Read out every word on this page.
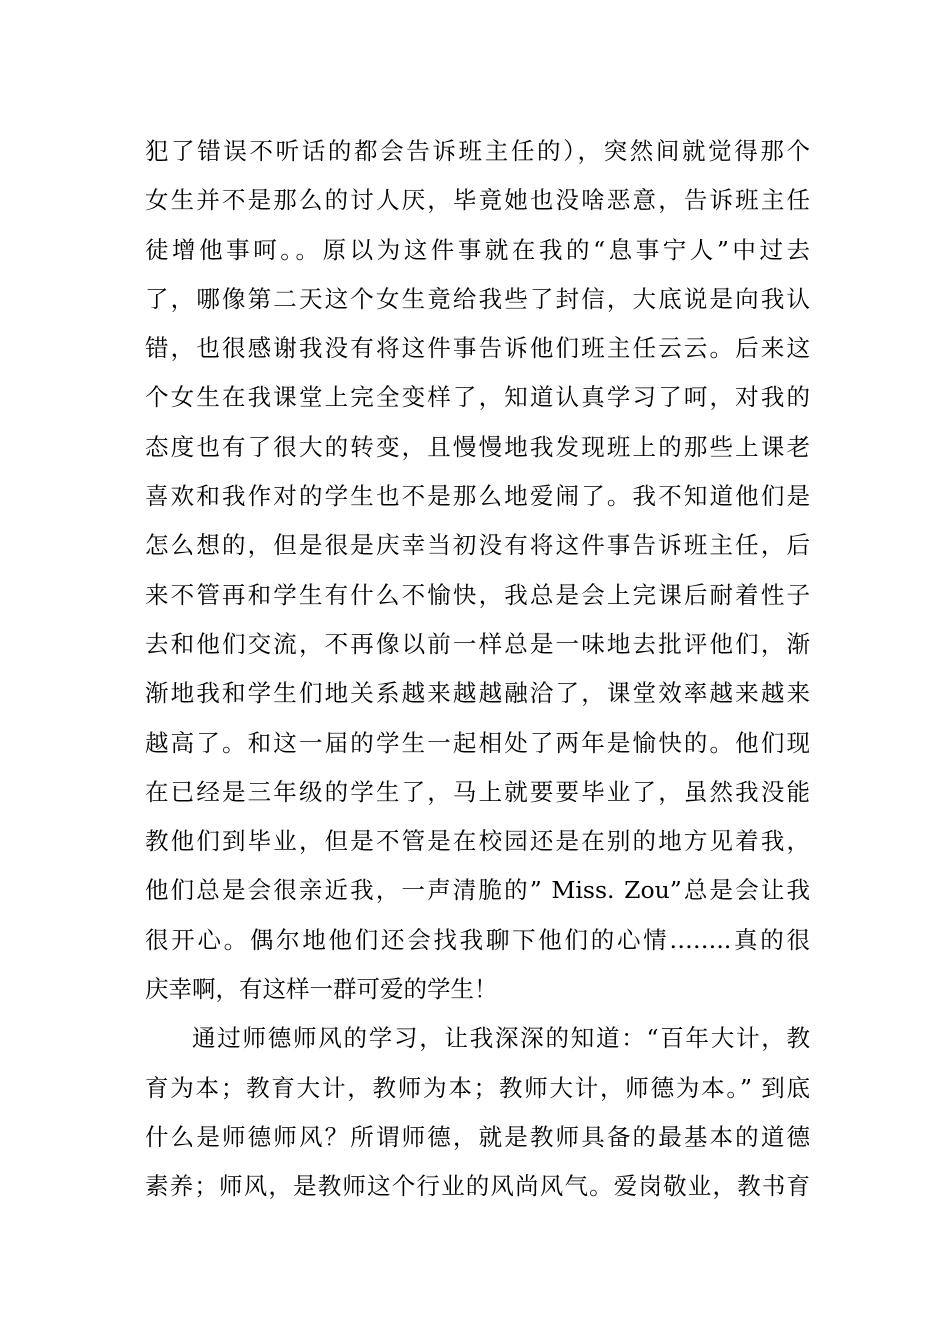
犯了错误不听话的都会告诉班主任的），突然间就觉得那个
女生并不是那么的讨人厌，毕竟她也没啥恶意，告诉班主任
徒增他事呵。。原以为这件事就在我的“息事宁人”中过去
了，哪像第二天这个女生竟给我些了封信，大底说是向我认
错，也很感谢我没有将这件事告诉他们班主任云云。后来这
个女生在我课堂上完全变样了，知道认真学习了呵，对我的
态度也有了很大的转变，且慢慢地我发现班上的那些上课老
喜欢和我作对的学生也不是那么地爱闹了。我不知道他们是
怎么想的，但是很是庆幸当初没有将这件事告诉班主任，后
来不管再和学生有什么不愉快，我总是会上完课后耐着性子
去和他们交流，不再像以前一样总是一味地去批评他们，渐
渐地我和学生们地关系越来越越融洽了，课堂效率越来越来
越高了。和这一届的学生一起相处了两年是愉快的。他们现
在已经是三年级的学生了，马上就要要毕业了，虽然我没能
教他们到毕业，但是不管是在校园还是在别的地方见着我，
他们总是会很亲近我，一声清脆的” Miss. Zou”总是会让我
很开心。偶尔地他们还会找我聊下他们的心情……..真的很
庆幸啊，有这样一群可爱的学生！
通过师德师风的学习，让我深深的知道：“百年大计，教
育为本；教育大计，教师为本；教师大计，师德为本。” 到底
什么是师德师风？所谓师德，就是教师具备的最基本的道德
素养；师风，是教师这个行业的风尚风气。爱岗敬业，教书育
